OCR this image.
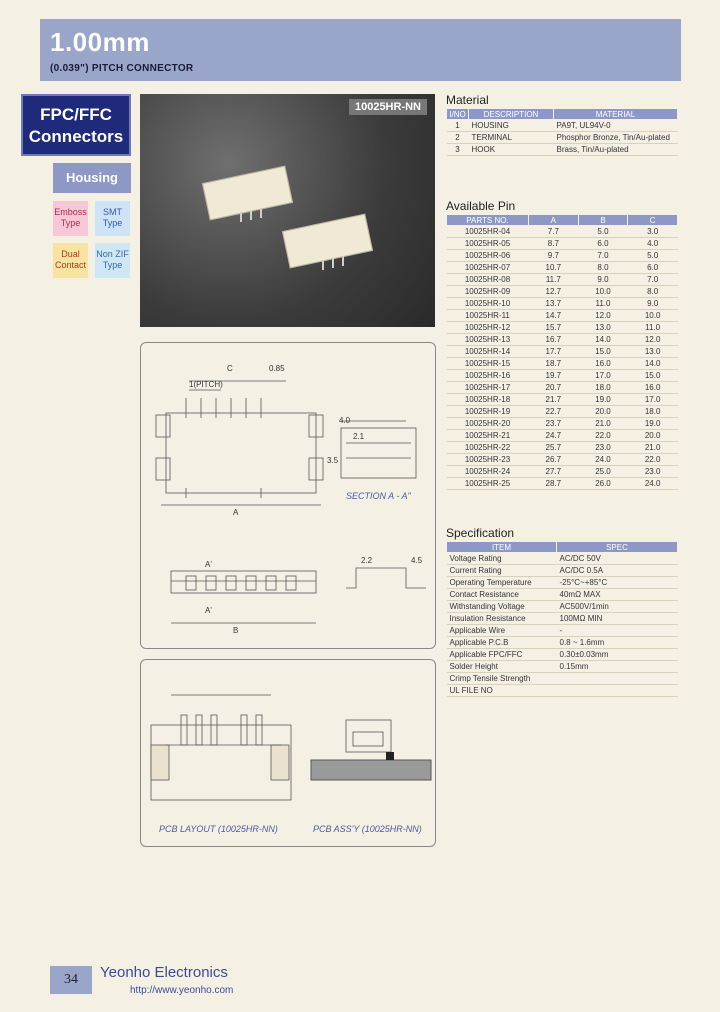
1.00mm
(0.039") PITCH CONNECTOR
FPC/FFC
Connectors
Housing
Emboss Type
SMT Type
Dual Contact
Non ZIF Type
10025HR-NN
C
1(PITCH)
0.85
A
B
4.0
2.1
3.5
2.2	4.5
A'
A'
SECTION A - A"
PCB LAYOUT (10025HR-NN)	PCB ASS'Y (10025HR-NN)
Material
I/NO	DESCRIPTION	MATERIAL
1	HOUSING	PA9T, UL94V-0
2	TERMINAL	Phosphor Bronze, Tin/Au-plated
3	HOOK	Brass, Tin/Au-plated
Available Pin
PARTS NO.	A	B	C
10025HR-04	7.7	5.0	3.0
10025HR-05	8.7	6.0	4.0
10025HR-06	9.7	7.0	5.0
10025HR-07	10.7	8.0	6.0
10025HR-08	11.7	9.0	7.0
10025HR-09	12.7	10.0	8.0
10025HR-10	13.7	11.0	9.0
10025HR-11	14.7	12.0	10.0
10025HR-12	15.7	13.0	11.0
10025HR-13	16.7	14.0	12.0
10025HR-14	17.7	15.0	13.0
10025HR-15	18.7	16.0	14.0
10025HR-16	19.7	17.0	15.0
10025HR-17	20.7	18.0	16.0
10025HR-18	21.7	19.0	17.0
10025HR-19	22.7	20.0	18.0
10025HR-20	23.7	21.0	19.0
10025HR-21	24.7	22.0	20.0
10025HR-22	25.7	23.0	21.0
10025HR-23	26.7	24.0	22.0
10025HR-24	27.7	25.0	23.0
10025HR-25	28.7	26.0	24.0
Specification
ITEM	SPEC
Voltage Rating	AC/DC 50V
Current Rating	AC/DC 0.5A
Operating Temperature	-25°C~+85°C
Contact Resistance	40mΩ MAX
Withstanding Voltage	AC500V/1min
Insulation Resistance	100MΩ MIN
Applicable Wire	-
Applicable P.C.B	0.8 ~ 1.6mm
Applicable FPC/FFC	0.30±0.03mm
Solder Height	0.15mm
Crimp Tensile Strength	
UL FILE NO	
34	Yeonho Electronics
http://www.yeonho.com
